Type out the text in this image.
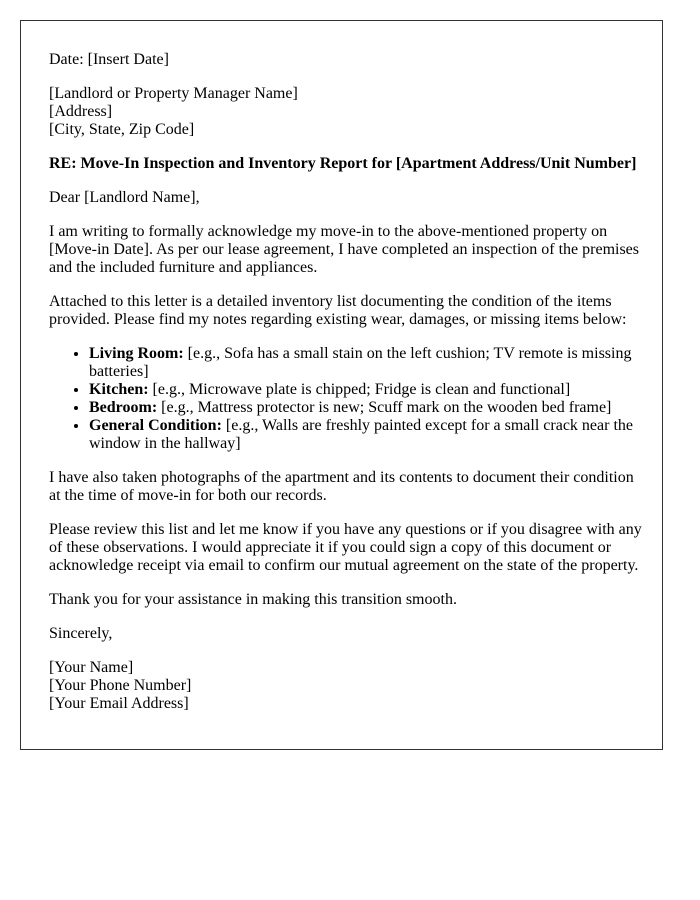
Date: [Insert Date]

[Landlord or Property Manager Name]
[Address]
[City, State, Zip Code]

RE: Move-In Inspection and Inventory Report for [Apartment Address/Unit Number]

Dear [Landlord Name],

I am writing to formally acknowledge my move-in to the above-mentioned property on [Move-in Date]. As per our lease agreement, I have completed an inspection of the premises and the included furniture and appliances.

Attached to this letter is a detailed inventory list documenting the condition of the items provided. Please find my notes regarding existing wear, damages, or missing items below:

• Living Room: [e.g., Sofa has a small stain on the left cushion; TV remote is missing batteries]
• Kitchen: [e.g., Microwave plate is chipped; Fridge is clean and functional]
• Bedroom: [e.g., Mattress protector is new; Scuff mark on the wooden bed frame]
• General Condition: [e.g., Walls are freshly painted except for a small crack near the window in the hallway]

I have also taken photographs of the apartment and its contents to document their condition at the time of move-in for both our records.

Please review this list and let me know if you have any questions or if you disagree with any of these observations. I would appreciate it if you could sign a copy of this document or acknowledge receipt via email to confirm our mutual agreement on the state of the property.

Thank you for your assistance in making this transition smooth.

Sincerely,

[Your Name]
[Your Phone Number]
[Your Email Address]
